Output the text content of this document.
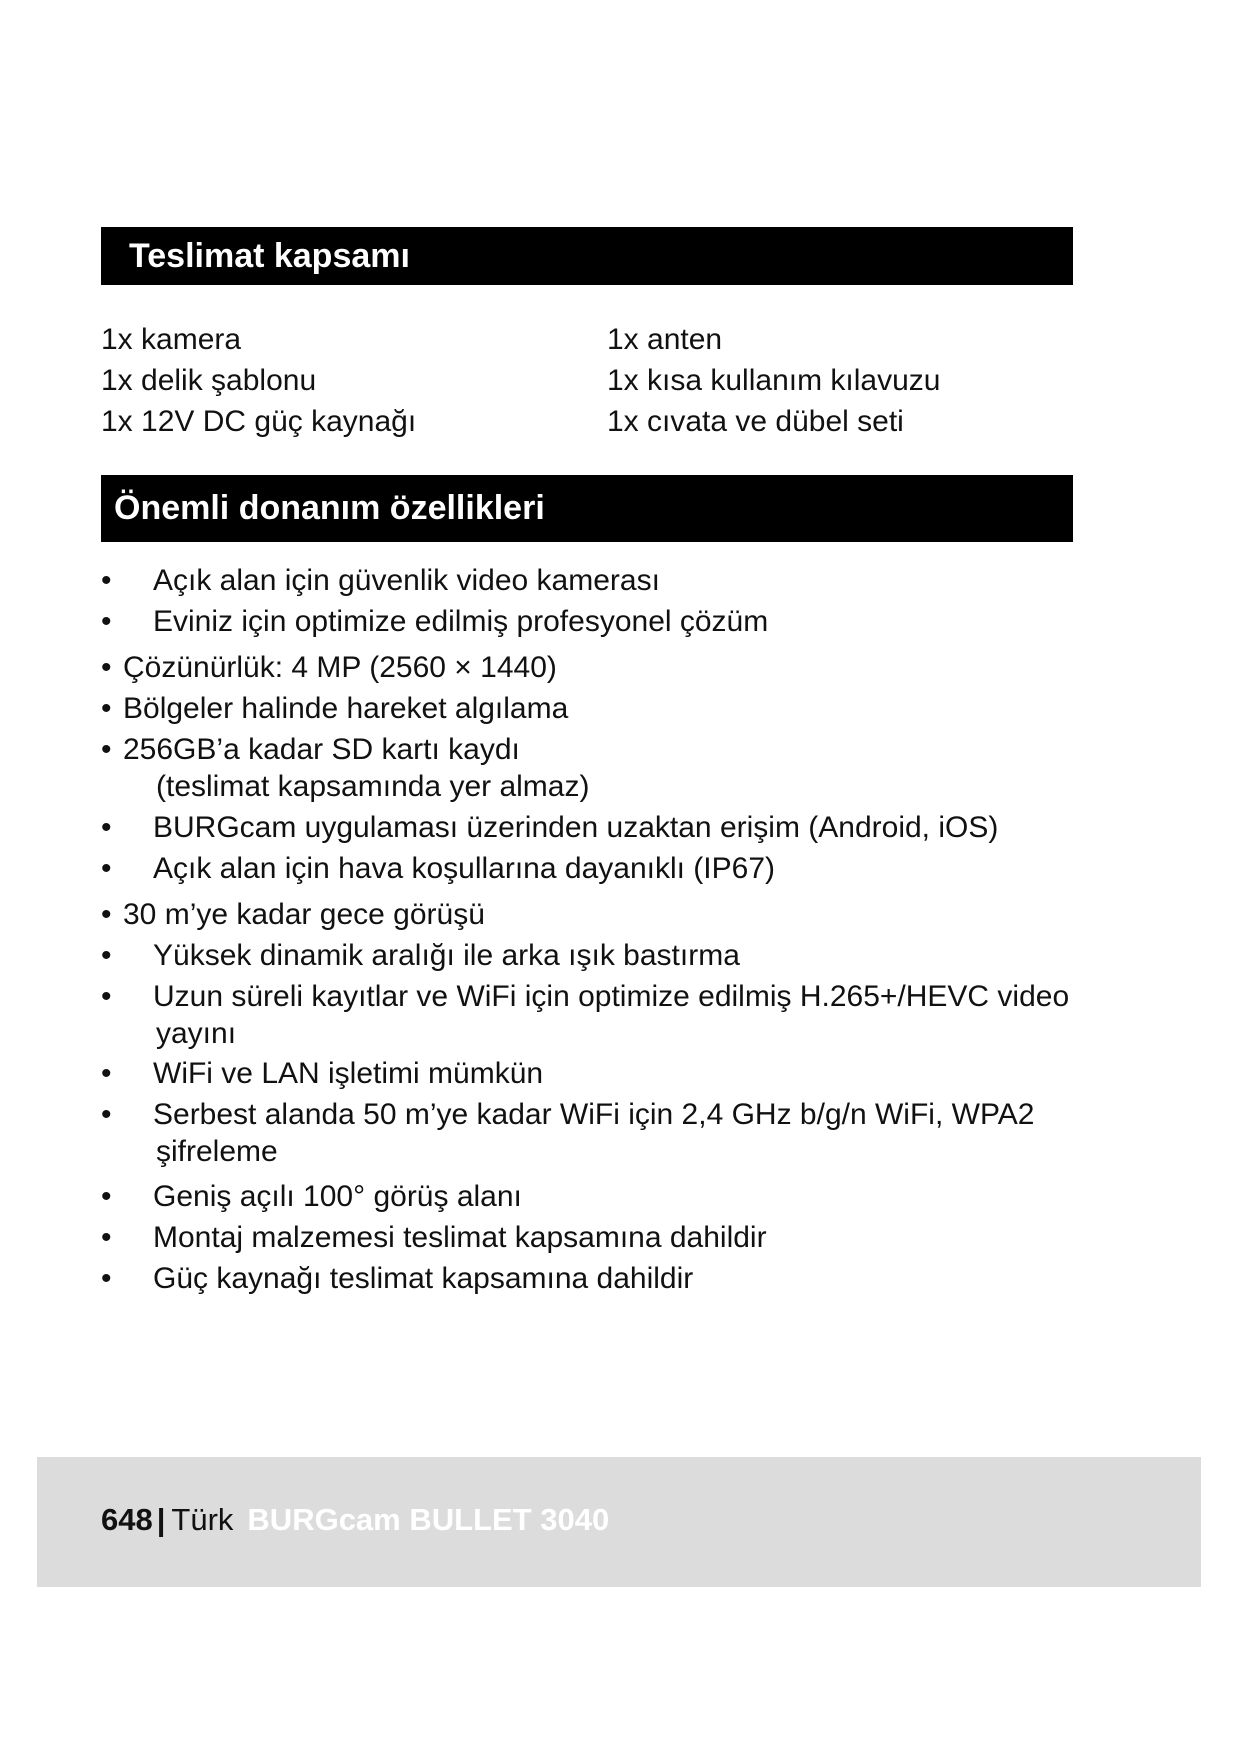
Teslimat kapsamı
1x kamera
1x delik şablonu
1x 12V DC güç kaynağı
1x anten
1x kısa kullanım kılavuzu
1x cıvata ve dübel seti
Önemli donanım özellikleri
• Açık alan için güvenlik video kamerası
• Eviniz için optimize edilmiş profesyonel çözüm
• Çözünürlük: 4 MP (2560 × 1440)
• Bölgeler halinde hareket algılama
• 256GB’a kadar SD kartı kaydı
(teslimat kapsamında yer almaz)
• BURGcam uygulaması üzerinden uzaktan erişim (Android, iOS)
• Açık alan için hava koşullarına dayanıklı (IP67)
• 30 m’ye kadar gece görüşü
• Yüksek dinamik aralığı ile arka ışık bastırma
• Uzun süreli kayıtlar ve WiFi için optimize edilmiş H.265+/HEVC video
yayını
• WiFi ve LAN işletimi mümkün
• Serbest alanda 50 m’ye kadar WiFi için 2,4 GHz b/g/n WiFi, WPA2
şifreleme
• Geniş açılı 100° görüş alanı
• Montaj malzemesi teslimat kapsamına dahildir
• Güç kaynağı teslimat kapsamına dahildir
648 | Türk BURGcam BULLET 3040
